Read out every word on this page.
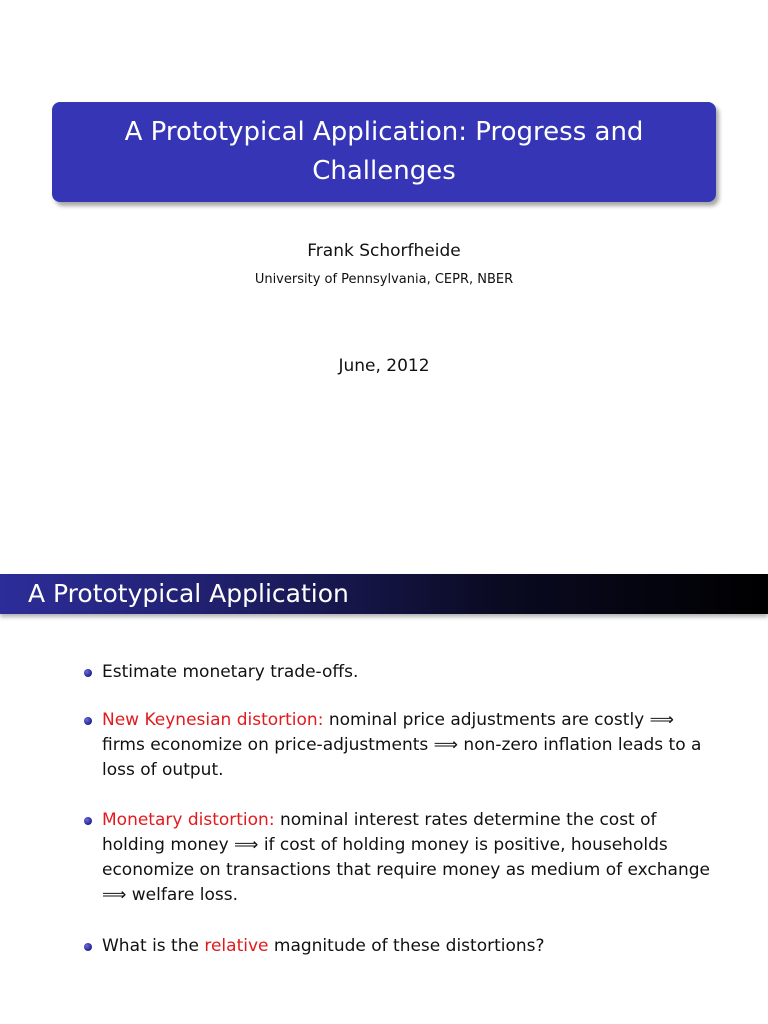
A Prototypical Application: Progress and Challenges
Frank Schorfheide
University of Pennsylvania, CEPR, NBER
June, 2012
A Prototypical Application
Estimate monetary trade-offs.
New Keynesian distortion: nominal price adjustments are costly ⟹ firms economize on price-adjustments ⟹ non-zero inflation leads to a loss of output.
Monetary distortion: nominal interest rates determine the cost of holding money ⟹ if cost of holding money is positive, households economize on transactions that require money as medium of exchange ⟹ welfare loss.
What is the relative magnitude of these distortions?
